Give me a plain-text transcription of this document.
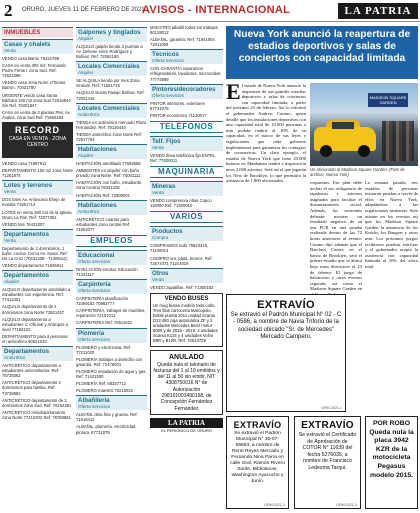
2 ORURO, JUEVES 11 DE FEBRERO DE 2021
AVISOS - INTERNACIONAL	LA PATRIA
INMUEBLES
Casas y chalets
Venta

VENDO casa Barrio 75421796

CASA en venta 300 m2. Fernando Pedro Ferrari, zona Sud. Ref: 72621096

VENDO casa zona Norte c/Tomas Barron. 70421780

URGENTE vendo casa Santa Bárbara 150 m2 zona Sud 72516844 Sin Ref. 76201847

CASA en venta de 3 plantas Ptel. Av. Ávalos, zona Sud Ref: 71864453

RECORD
CASA EN VENTA · ZONA CENTRO

VENDO casa 71697911

DEPARTAMENTO 150 m2 zona Norte 71251874

Lotes y terrenos
Venta

DOS lotes Av. Arrancava Ehejo de mazela 71551714

LOTES en venta 360 m2 de la Iglesia Oruro La Paz. Ref: 72077361

VENDO lote 76431007

Departamentos
Venta

Departamento de 2 dormitorios, 1 baño, cocina. Cerca Av. Sexta. Ref: De La Cruz (70431339 - 71306111)

VENDO departamento 71645911

Departamentos
Alquiler

ALQUILO departamento amoblado a estudiantes con experiencia. Ref: 77412451

ALQUILO departamento de 2 dormitorios zona Norte 72501457

ALQUILO departamento a estudiantes V. Oficinal y Anticipos a nivel 77192102

DEPARTAMENTO para 3 personas en anticrético 60521010

Departamentos
Anticrético

ANTICRÉTICO departamento a estudiantes universitarios. Ref: 75729362

ANTICRÉTICO departamento 2 dormitorios para familia. Ref: 73736882

ANTICRÉTICO departamento de 2 dormitorios zona Sud. Ref: 76162391

ANTICRÉTICO minidepartamento zona Norte 77410302 Ref: 79780861

Galpones y tinglados
Alquiler

ALQUILO galpón tienda 3 puertas a Av. Dehene entre Rodríguez y Bolívar. Ref: 72062160

Locales Comerciales
Alquiler

SE ALQUILA tienda por mes Zona Grande. Ref: 71561715

ALQUILO tienda Pasaje Bolívar. Ref: 72001415

Locales Comerciales
Anticrético

TIENDA en anticrético mercado Plaza Fernández. Ref: 79130440

TIENDA anticrético zona Norte Ref: 72517764

Habitaciones
Alquiler

HABITACIÓN amoblada 77682558

AMBIENTES en alquiler con baño privado zona Norte. Ref: 74041111

HABITACIÓN con baño, estudiante, zona Central 76031328

HABITACIÓN Ref: 72500001

Habitaciones
Anticrético

ANTICRÉTICO cuartos para estudiantes zona central Ref: 71862077

EMPLEOS
Educacional
Oferta servicios

NIVELACIÓN escolar. Educación 71431117

Carpintería
Oferta servicios

CARPINTERÍA planificación 72469162 70882777

CARPINTERÍA, trabajos de muebles, reparación 72101012

CARPINTERÍA Ref: 76511621

Plomería
Oferta servicios

PLOMERO y electricista. Ref: 77211020

PLOMERÍA trabajos a domicilio con garantía. Ref: 72476001

PLOMERO instalación de agua y gas. Ref: 71421500

PLOMERÍA Ref: 68347712

PLOMERO maestro 70210021

Albañilería
Oferta servicios

ALBAÑIL obra fina y gruesa. Ref: 71516412

ALBAÑIL, plomería, electricidad, pintura. 67731078

MAESTRO albañil todos los trabajos 60128012

ALBAÑIL, garantía. Ref: 71841004 72011008

Técnicos
Oferta servicios

CON GARANTÍA reparamos refrigeradores, lavadoras, microondas 77774889

Pintores/decoradores
Oferta servicios

PINTOR interiores, exteriores 67731078

PINTOR económico 71130017

TELÉFONOS
Telf. Fijos
Venta

VENDO línea telefónica fija ENTEL Ref: 77600011

MAQUINARIA
Mineras
Venta

VENDO compresora Atlas Copco 116000 Ref: 71500010

VARIOS
Productos
Compra

COMPRAMOS todo 75623318, 71100014

COMPRO oro, plata, bronce. Ref: 72574471 71214019

Otros
Venta

VENDO zapatillas. Ref: 71300182

VENDO BUSES
Un mug buses modelo todo caño. Tres filas carrocería Marcopolo. Doble puerta 2011 unidad Scania D13 480 caja automática ZF y 2 unidades Mercedes Benz motor 8000 y de 2015 - 2019. 3 unidades Scania K124 y 4 unidades Volvo B9R y B12R. Ref. 72513729
ANULADO
Queda nula el talonario de facturas del 1 al 10 emitidos y del 11 al 50 sin emitir, NIT 4308750016 N° de Autorización 298101003490168, de Concepción Fernández Fernández
LA PATRIA
EL PERIÓDICO DE ORURO
Nueva York anunció la reapertura de estadios deportivos y salas de conciertos con capacidad limitada
E l estado de Nueva York anunció la reapertura de sus grandes estadios deportivos y salas de conciertos con capacidad limitada, a partir del próximo 23 de febrero. Así lo informó el gobernador Andrew Cuomo, quien detalló que los instalaciones deportivas con una capacidad total de 10.000 personas o más podrán reabrir al 10% de su capacidad, en el marco de sus leyes y regulaciones que cada gobierno implementará para garantizar los contagios de coronavirus. Un claro ejemplo, el estadio de Nueva York que tiene 20.000 butacas en Manhattan tendrá a disposición unos 2.000 asientos. Será así el que jugarán los Nets de Brooklyn, lo que permitirá la asistencia de 1.800 aficionados.
MADISON SQUARE GARDEN
Un aficionado al Madison Square Garden. (Foto de archivo, Nueva York)
respuestas. Ese plan debe incluir el uso obligatorio de tapabocas y asientos asignados para facilitar el distanciamiento social. Además, los asistentes deberán mostrar un resultado negativo de su test PCR en una prueba realizada dentro de las 72 horas anteriores al evento. Cuomo dijo además que el Barclays Center, en el barrio de Brooklyn, será el primer estadio que se abrirá bajo estas directrices el 23 de febrero. El juego de baloncesto y otros eventos seguirán, así como el Madison Square Garden en
La semana pasada, tres estadios de personas iniciaron pruebas a través de ellos en Nueva York, adaptándose a las regulaciones sanitarias. Solo asisten en los eventos así que los Madison Square Garden la asistencia de los Knicks, los Rangers y otros más. Los próximos juegos recibieron pruebas estrictas y el gobernador aceptó la asistencia con capacidad limitada al 10% del aforo total.
EXTRAVÍO
Se extravió el Padrón Municipal N° 02 - C - 0586, a nombre de Navia Triforio de la sociedad ubicado "Sr. de Mercedes" Mercado Campero.
ORM-2021-1
EXTRAVÍO
Se extravió el Padrón Municipal N° 30-07-59663, a nombre de Rene Reyes Mercado y Fernando Nina Parra en calle Gral. Ramón Rivero Sorite, Bibliotecas, Washington Ayacucho y Junín.
ORM-2021-2
EXTRAVÍO
Se extravió el Certificado de Aprobación de COTOR N° 11639 del fecha 5276035, a nombre de Francisco Ledezma Tarqui.
ORM-2021-3
POR ROBO Queda nula la placa 3942 KZR de la motocicleta Pegasus modelo 2015.
